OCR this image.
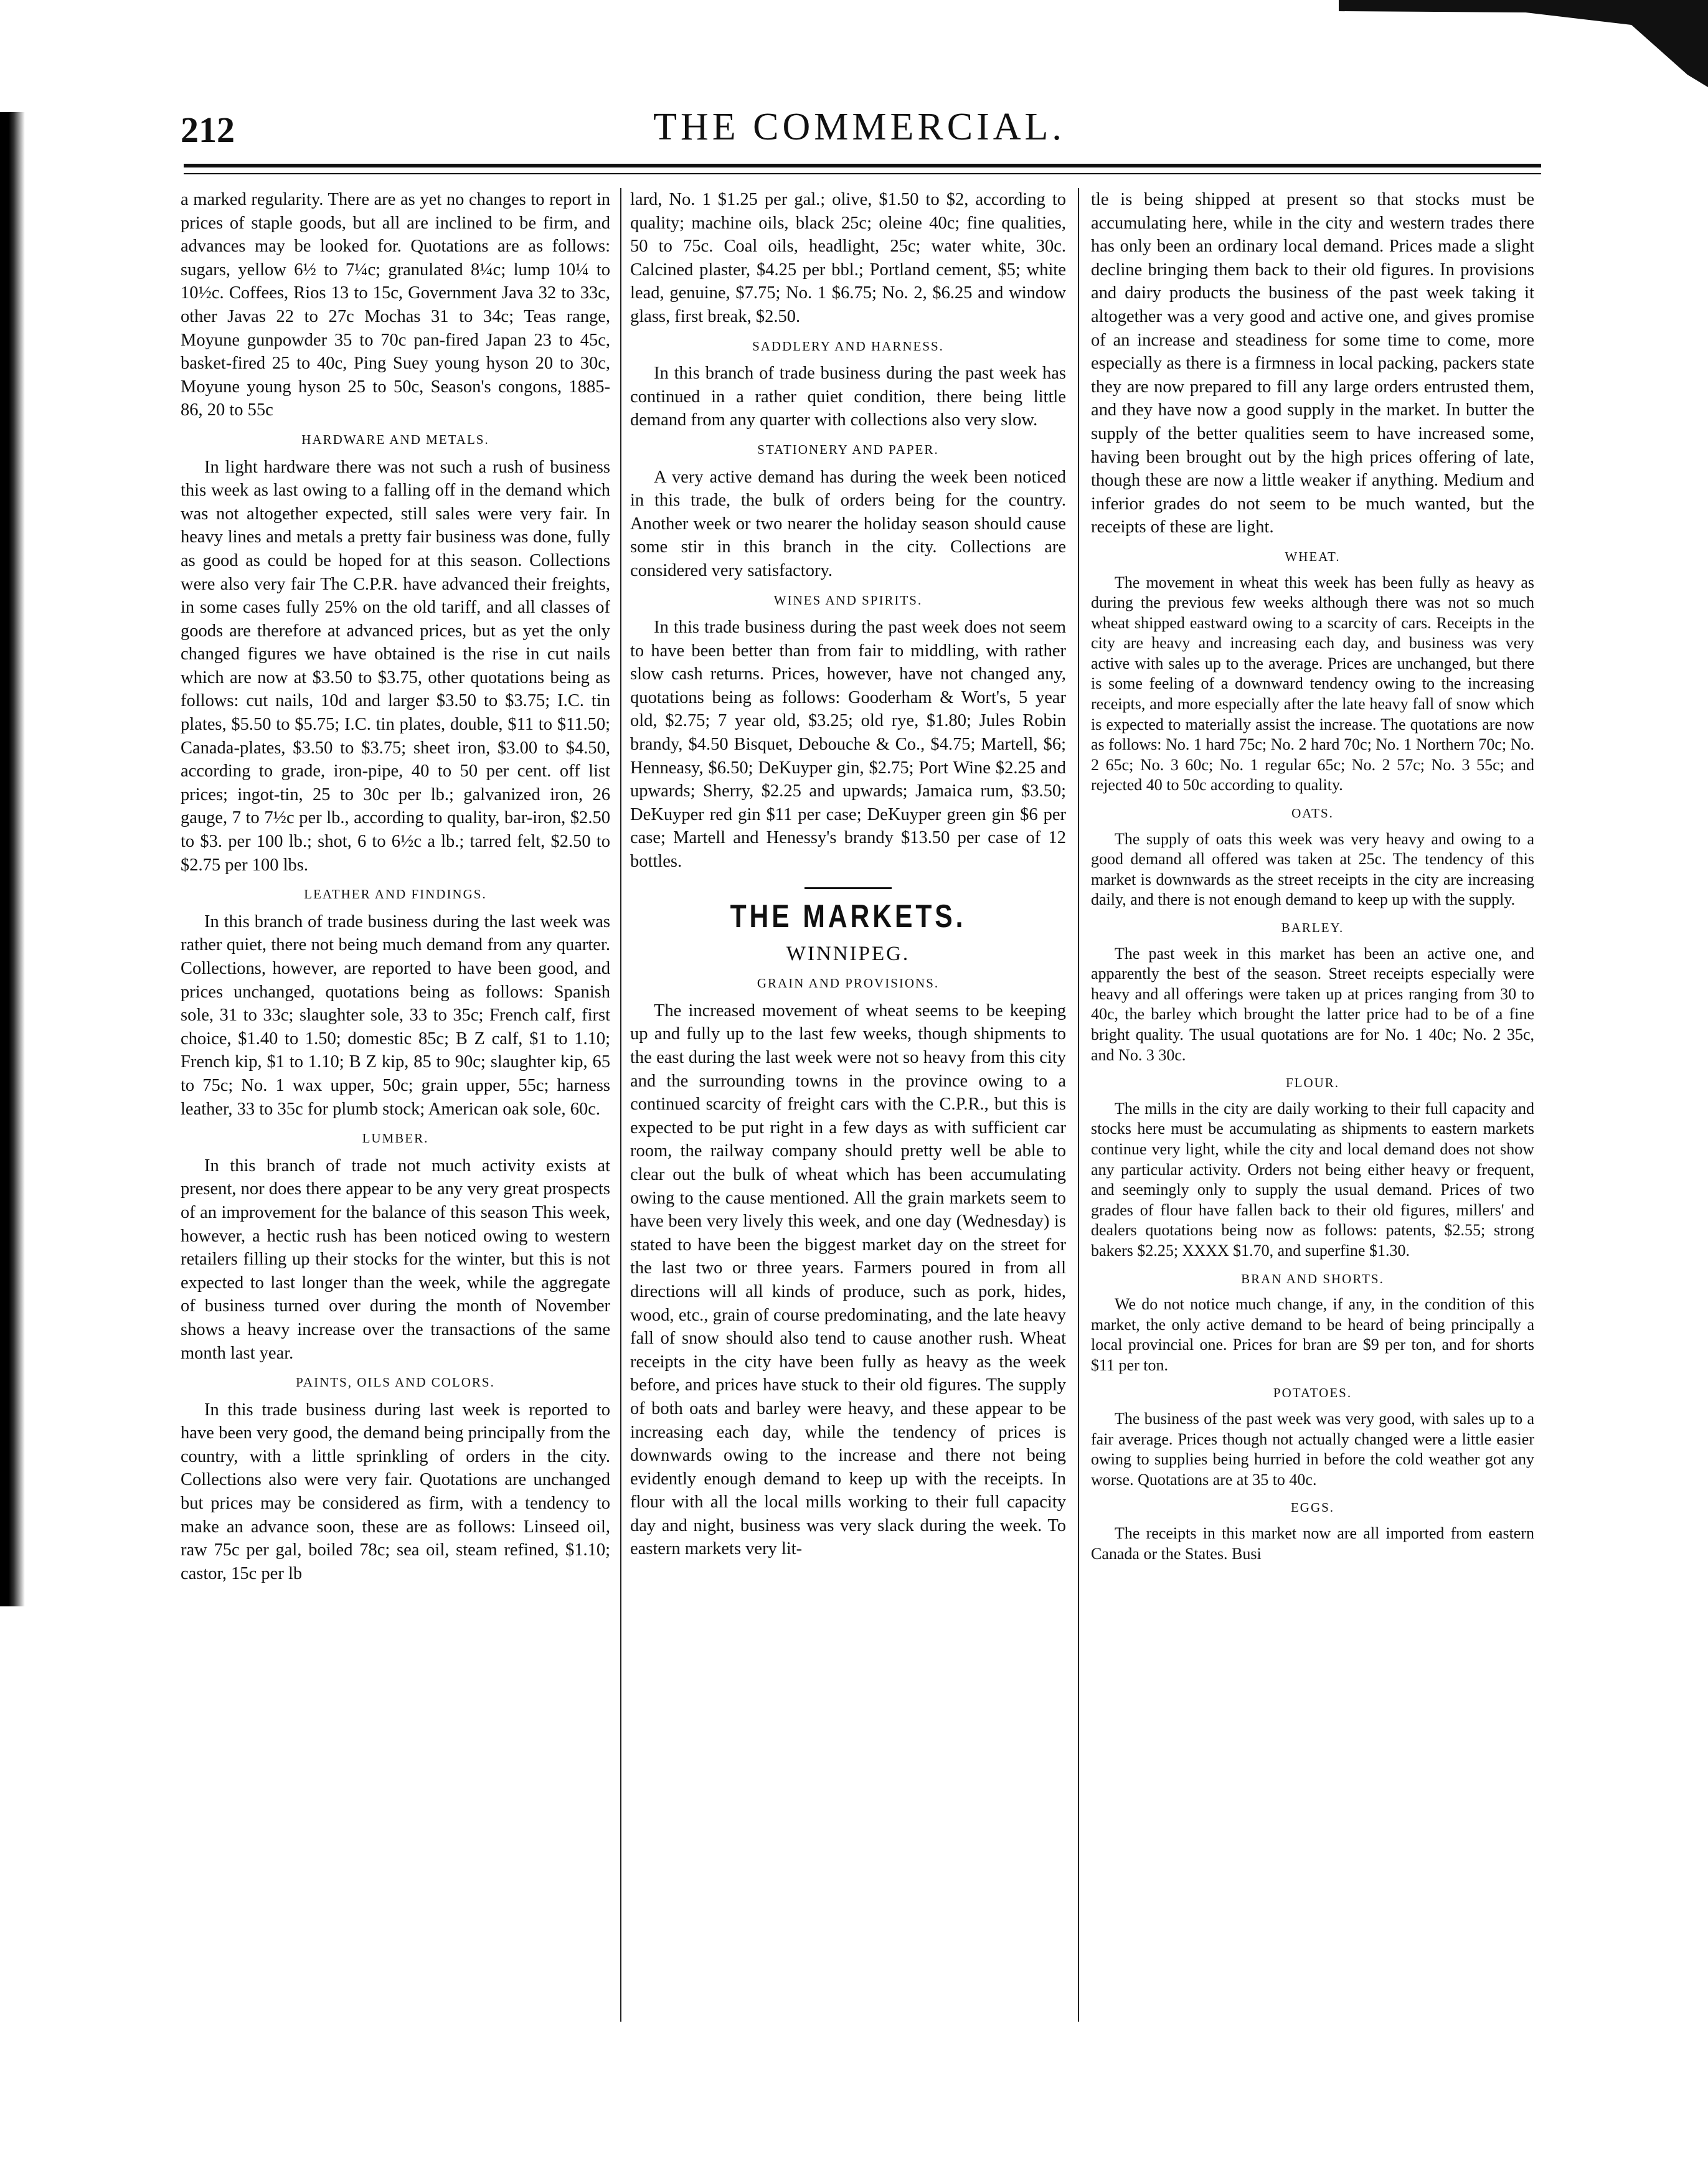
212	THE COMMERCIAL.

a marked regularity. There are as yet no changes to report in prices of staple goods, but all are inclined to be firm, and advances may be looked for. Quotations are as follows: sugars, yellow 6½ to 7¼c; granulated 8¼c; lump 10¼ to 10½c. Coffees, Rios 13 to 15c, Government Java 32 to 33c, other Javas 22 to 27c Mochas 31 to 34c; Teas range, Moyune gunpowder 35 to 70c pan-fired Japan 23 to 45c, basket-fired 25 to 40c, Ping Suey young hyson 20 to 30c, Moyune young hyson 25 to 50c, Season's congons, 1885-86, 20 to 55c

HARDWARE AND METALS.

In light hardware there was not such a rush of business this week as last owing to a falling off in the demand which was not altogether expected, still sales were very fair. In heavy lines and metals a pretty fair business was done, fully as good as could be hoped for at this season. Collections were also very fair The C.P.R. have advanced their freights, in some cases fully 25% on the old tariff, and all classes of goods are therefore at advanced prices, but as yet the only changed figures we have obtained is the rise in cut nails which are now at $3.50 to $3.75, other quotations being as follows: cut nails, 10d and larger $3.50 to $3.75; I.C. tin plates, $5.50 to $5.75; I.C. tin plates, double, $11 to $11.50; Canada-plates, $3.50 to $3.75; sheet iron, $3.00 to $4.50, according to grade, iron-pipe, 40 to 50 per cent. off list prices; ingot-tin, 25 to 30c per lb.; galvanized iron, 26 gauge, 7 to 7½c per lb., according to quality, bar-iron, $2.50 to $3. per 100 lb.; shot, 6 to 6½c a lb.; tarred felt, $2.50 to $2.75 per 100 lbs.

LEATHER AND FINDINGS.

In this branch of trade business during the last week was rather quiet, there not being much demand from any quarter. Collections, however, are reported to have been good, and prices unchanged, quotations being as follows: Spanish sole, 31 to 33c; slaughter sole, 33 to 35c; French calf, first choice, $1.40 to 1.50; domestic 85c; B Z calf, $1 to 1.10; French kip, $1 to 1.10; B Z kip, 85 to 90c; slaughter kip, 65 to 75c; No. 1 wax upper, 50c; grain upper, 55c; harness leather, 33 to 35c for plumb stock; American oak sole, 60c.

LUMBER.

In this branch of trade not much activity exists at present, nor does there appear to be any very great prospects of an improvement for the balance of this season This week, however, a hectic rush has been noticed owing to western retailers filling up their stocks for the winter, but this is not expected to last longer than the week, while the aggregate of business turned over during the month of November shows a heavy increase over the transactions of the same month last year.

PAINTS, OILS AND COLORS.

In this trade business during last week is reported to have been very good, the demand being principally from the country, with a little sprinkling of orders in the city. Collections also were very fair. Quotations are unchanged but prices may be considered as firm, with a tendency to make an advance soon, these are as follows: Linseed oil, raw 75c per gal, boiled 78c; sea oil, steam refined, $1.10; castor, 15c per lb

lard, No. 1 $1.25 per gal.; olive, $1.50 to $2, according to quality; machine oils, black 25c; oleine 40c; fine qualities, 50 to 75c. Coal oils, headlight, 25c; water white, 30c. Calcined plaster, $4.25 per bbl.; Portland cement, $5; white lead, genuine, $7.75; No. 1 $6.75; No. 2, $6.25 and window glass, first break, $2.50.

SADDLERY AND HARNESS.

In this branch of trade business during the past week has continued in a rather quiet condition, there being little demand from any quarter with collections also very slow.

STATIONERY AND PAPER.

A very active demand has during the week been noticed in this trade, the bulk of orders being for the country. Another week or two nearer the holiday season should cause some stir in this branch in the city. Collections are considered very satisfactory.

WINES AND SPIRITS.

In this trade business during the past week does not seem to have been better than from fair to middling, with rather slow cash returns. Prices, however, have not changed any, quotations being as follows: Gooderham & Wort's, 5 year old, $2.75; 7 year old, $3.25; old rye, $1.80; Jules Robin brandy, $4.50 Bisquet, Debouche & Co., $4.75; Martell, $6; Henneasy, $6.50; DeKuyper gin, $2.75; Port Wine $2.25 and upwards; Sherry, $2.25 and upwards; Jamaica rum, $3.50; DeKuyper red gin $11 per case; DeKuyper green gin $6 per case; Martell and Henessy's brandy $13.50 per case of 12 bottles.

THE MARKETS.
WINNIPEG.
GRAIN AND PROVISIONS.

The increased movement of wheat seems to be keeping up and fully up to the last few weeks, though shipments to the east during the last week were not so heavy from this city and the surrounding towns in the province owing to a continued scarcity of freight cars with the C.P.R., but this is expected to be put right in a few days as with sufficient car room, the railway company should pretty well be able to clear out the bulk of wheat which has been accumulating owing to the cause mentioned. All the grain markets seem to have been very lively this week, and one day (Wednesday) is stated to have been the biggest market day on the street for the last two or three years. Farmers poured in from all directions will all kinds of produce, such as pork, hides, wood, etc., grain of course predominating, and the late heavy fall of snow should also tend to cause another rush. Wheat receipts in the city have been fully as heavy as the week before, and prices have stuck to their old figures. The supply of both oats and barley were heavy, and these appear to be increasing each day, while the tendency of prices is downwards owing to the increase and there not being evidently enough demand to keep up with the receipts. In flour with all the local mills working to their full capacity day and night, business was very slack during the week. To eastern markets very lit-

tle is being shipped at present so that stocks must be accumulating here, while in the city and western trades there has only been an ordinary local demand. Prices made a slight decline bringing them back to their old figures. In provisions and dairy products the business of the past week taking it altogether was a very good and active one, and gives promise of an increase and steadiness for some time to come, more especially as there is a firmness in local packing, packers state they are now prepared to fill any large orders entrusted them, and they have now a good supply in the market. In butter the supply of the better qualities seem to have increased some, having been brought out by the high prices offering of late, though these are now a little weaker if anything. Medium and inferior grades do not seem to be much wanted, but the receipts of these are light.

WHEAT.

The movement in wheat this week has been fully as heavy as during the previous few weeks although there was not so much wheat shipped eastward owing to a scarcity of cars. Receipts in the city are heavy and increasing each day, and business was very active with sales up to the average. Prices are unchanged, but there is some feeling of a downward tendency owing to the increasing receipts, and more especially after the late heavy fall of snow which is expected to materially assist the increase. The quotations are now as follows: No. 1 hard 75c; No. 2 hard 70c; No. 1 Northern 70c; No. 2 65c; No. 3 60c; No. 1 regular 65c; No. 2 57c; No. 3 55c; and rejected 40 to 50c according to quality.

OATS.

The supply of oats this week was very heavy and owing to a good demand all offered was taken at 25c. The tendency of this market is downwards as the street receipts in the city are increasing daily, and there is not enough demand to keep up with the supply.

BARLEY.

The past week in this market has been an active one, and apparently the best of the season. Street receipts especially were heavy and all offerings were taken up at prices ranging from 30 to 40c, the barley which brought the latter price had to be of a fine bright quality. The usual quotations are for No. 1 40c; No. 2 35c, and No. 3 30c.

FLOUR.

The mills in the city are daily working to their full capacity and stocks here must be accumulating as shipments to eastern markets continue very light, while the city and local demand does not show any particular activity. Orders not being either heavy or frequent, and seemingly only to supply the usual demand. Prices of two grades of flour have fallen back to their old figures, millers' and dealers quotations being now as follows: patents, $2.55; strong bakers $2.25; XXXX $1.70, and superfine $1.30.

BRAN AND SHORTS.

We do not notice much change, if any, in the condition of this market, the only active demand to be heard of being principally a local provincial one. Prices for bran are $9 per ton, and for shorts $11 per ton.

POTATOES.

The business of the past week was very good, with sales up to a fair average. Prices though not actually changed were a little easier owing to supplies being hurried in before the cold weather got any worse. Quotations are at 35 to 40c.

EGGS.

The receipts in this market now are all imported from eastern Canada or the States. Busi
